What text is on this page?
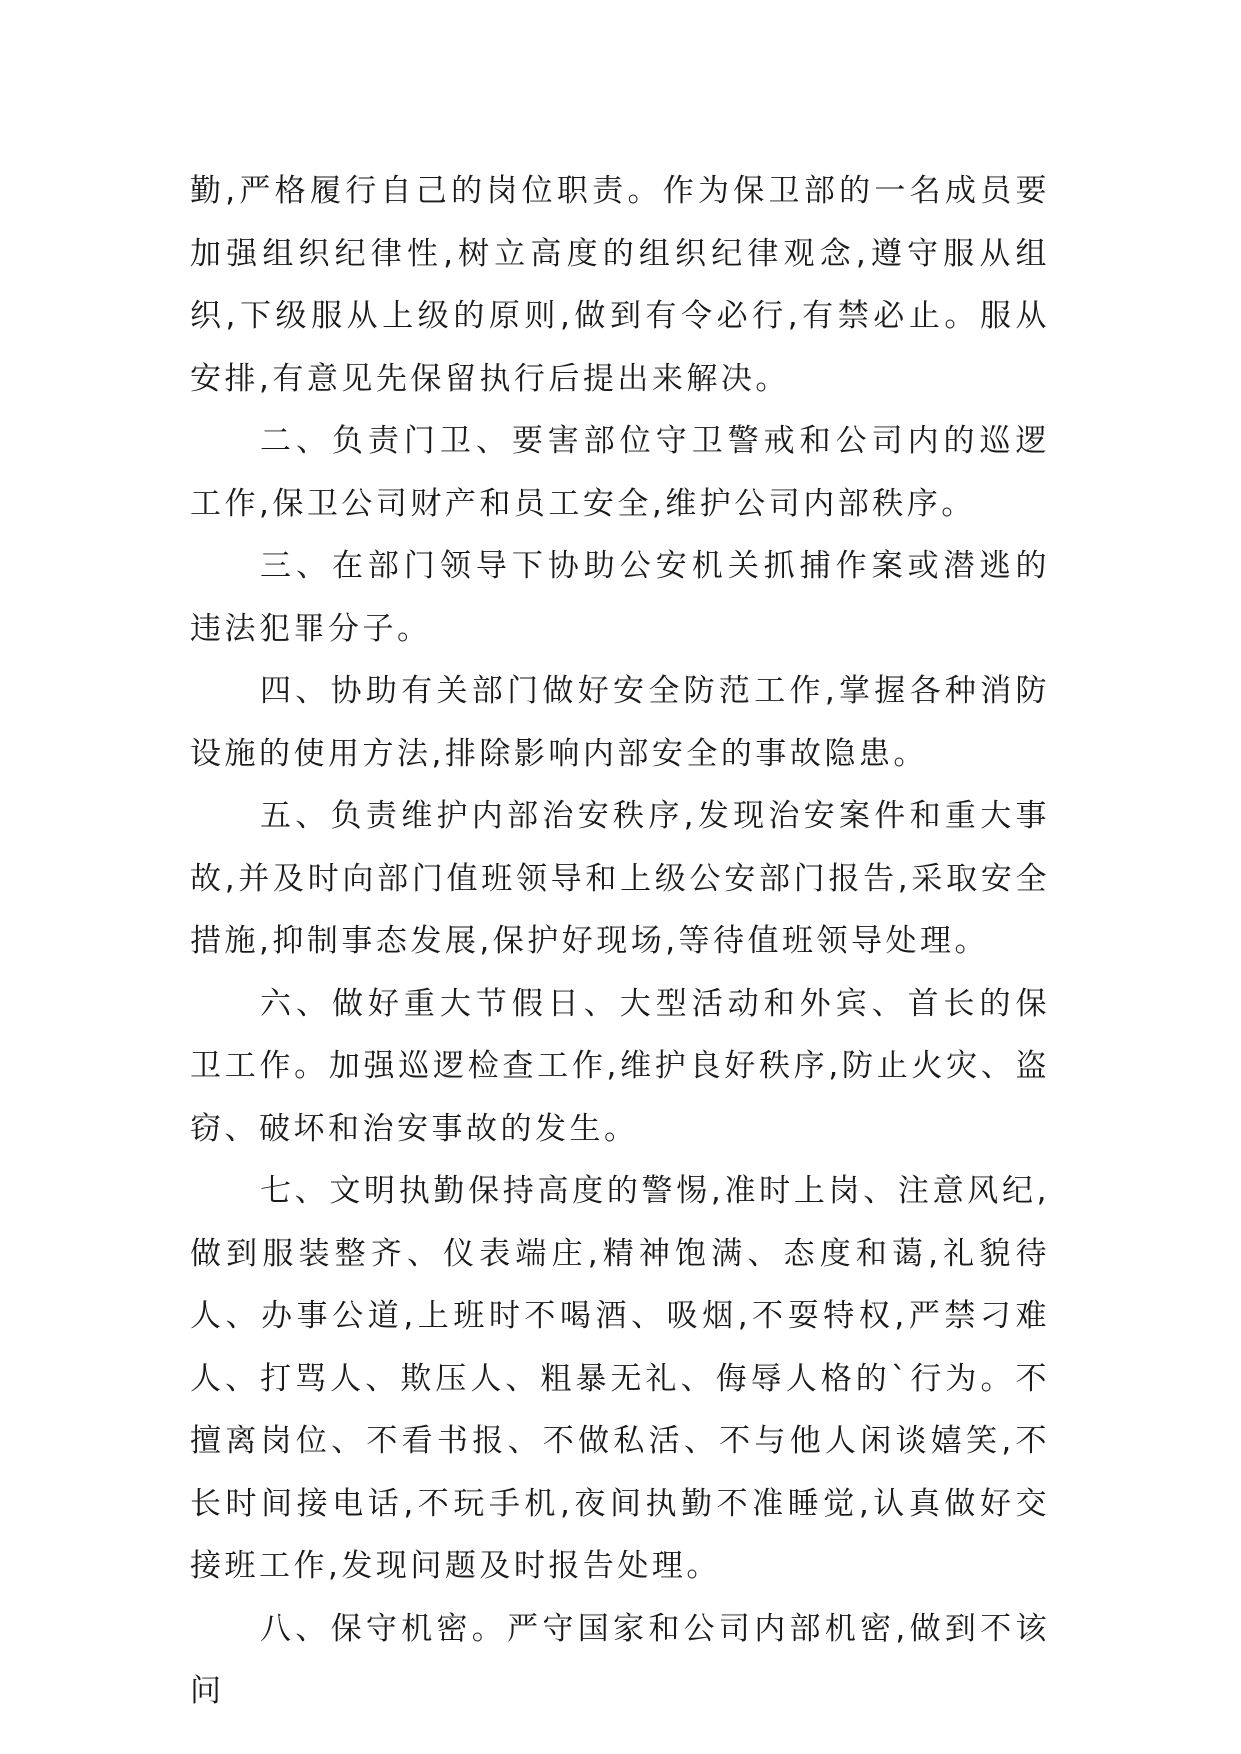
勤,严格履行自己的岗位职责。作为保卫部的一名成员要加强组织纪律性,树立高度的组织纪律观念,遵守服从组织,下级服从上级的原则,做到有令必行,有禁必止。服从安排,有意见先保留执行后提出来解决。

二、负责门卫、要害部位守卫警戒和公司内的巡逻工作,保卫公司财产和员工安全,维护公司内部秩序。

三、在部门领导下协助公安机关抓捕作案或潜逃的违法犯罪分子。

四、协助有关部门做好安全防范工作,掌握各种消防设施的使用方法,排除影响内部安全的事故隐患。

五、负责维护内部治安秩序,发现治安案件和重大事故,并及时向部门值班领导和上级公安部门报告,采取安全措施,抑制事态发展,保护好现场,等待值班领导处理。

六、做好重大节假日、大型活动和外宾、首长的保卫工作。加强巡逻检查工作,维护良好秩序,防止火灾、盗窃、破坏和治安事故的发生。

七、文明执勤保持高度的警惕,准时上岗、注意风纪,做到服装整齐、仪表端庄,精神饱满、态度和蔼,礼貌待人、办事公道,上班时不喝酒、吸烟,不耍特权,严禁刁难人、打骂人、欺压人、粗暴无礼、侮辱人格的`行为。不擅离岗位、不看书报、不做私活、不与他人闲谈嬉笑,不长时间接电话,不玩手机,夜间执勤不准睡觉,认真做好交接班工作,发现问题及时报告处理。

八、保守机密。严守国家和公司内部机密,做到不该问
